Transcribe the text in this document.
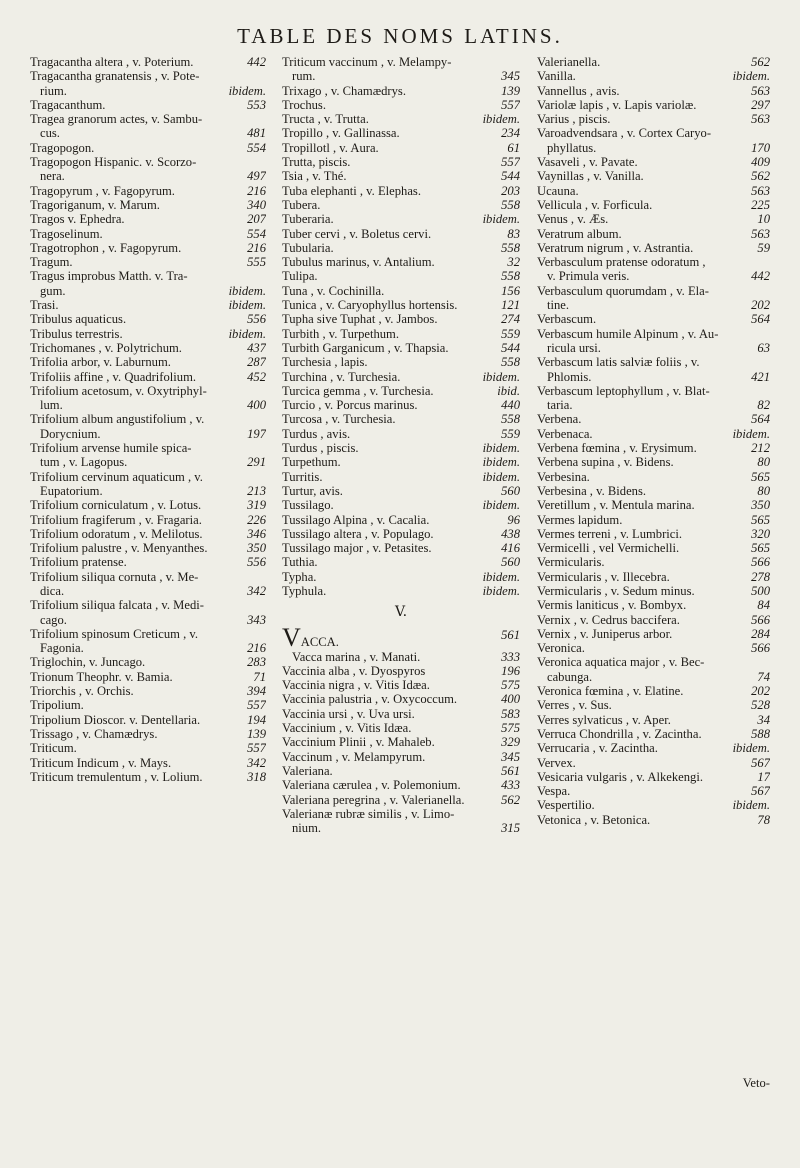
TABLE DES NOMS LATINS.
442
Tragacantha altera , v. Poterium.
Tragacantha granatensis , v. Pote-
ibidem.
rium.
553
Tragacanthum.
Tragea granorum actes, v. Sambu-
481
cus.
554
Tragopogon.
Tragopogon Hispanic. v. Scorzo-
497
nera.
216
Tragopyrum , v. Fagopyrum.
340
Tragoriganum, v. Marum.
207
Tragos v. Ephedra.
554
Tragoselinum.
216
Tragotrophon , v. Fagopyrum.
555
Tragum.
Tragus improbus Matth. v. Tra-
ibidem.
gum.
ibidem.
Trasi.
556
Tribulus aquaticus.
ibidem.
Tribulus terrestris.
437
Trichomanes , v. Polytrichum.
287
Trifolia arbor, v. Laburnum.
452
Trifoliis affine , v. Quadrifolium.
Trifolium acetosum, v. Oxytriphyl-
400
lum.
Trifolium album angustifolium , v.
197
Dorycnium.
Trifolium arvense humile spica-
291
tum , v. Lagopus.
Trifolium cervinum aquaticum , v.
213
Eupatorium.
319
Trifolium corniculatum , v. Lotus.
226
Trifolium fragiferum , v. Fragaria.
346
Trifolium odoratum , v. Melilotus.
350
Trifolium palustre , v. Menyanthes.
556
Trifolium pratense.
Trifolium siliqua cornuta , v. Me-
342
dica.
Trifolium siliqua falcata , v. Medi-
343
cago.
Trifolium spinosum Creticum , v.
216
Fagonia.
283
Triglochin, v. Juncago.
71
Trionum Theophr. v. Bamia.
394
Triorchis , v. Orchis.
557
Tripolium.
194
Tripolium Dioscor. v. Dentellaria.
139
Trissago , v. Chamædrys.
557
Triticum.
342
Triticum Indicum , v. Mays.
318
Triticum tremulentum , v. Lolium.
Triticum vaccinum , v. Melampy-
345
rum.
139
Trixago , v. Chamædrys.
557
Trochus.
ibidem.
Tructa , v. Trutta.
234
Tropillo , v. Gallinassa.
61
Tropillotl , v. Aura.
557
Trutta, piscis.
544
Tsia , v. Thé.
203
Tuba elephanti , v. Elephas.
558
Tubera.
ibidem.
Tuberaria.
83
Tuber cervi , v. Boletus cervi.
558
Tubularia.
32
Tubulus marinus, v. Antalium.
558
Tulipa.
156
Tuna , v. Cochinilla.
121
Tunica , v. Caryophyllus hortensis.
274
Tupha sive Tuphat , v. Jambos.
559
Turbith , v. Turpethum.
544
Turbith Garganicum , v. Thapsia.
558
Turchesia , lapis.
ibidem.
Turchina , v. Turchesia.
ibid.
Turcica gemma , v. Turchesia.
440
Turcio , v. Porcus marinus.
558
Turcosa , v. Turchesia.
559
Turdus , avis.
ibidem.
Turdus , piscis.
ibidem.
Turpethum.
ibidem.
Turritis.
560
Turtur, avis.
ibidem.
Tussilago.
96
Tussilago Alpina , v. Cacalia.
438
Tussilago altera , v. Populago.
416
Tussilago major , v. Petasites.
560
Tuthia.
ibidem.
Typha.
ibidem.
Typhula.
V.
V	561
ACCA.
333
Vacca marina , v. Manati.
196
Vaccinia alba , v. Dyospyros
575
Vaccinia nigra , v. Vitis Idæa.
400
Vaccinia palustria , v. Oxycoccum.
583
Vaccinia ursi , v. Uva ursi.
575
Vaccinium , v. Vitis Idæa.
329
Vaccinium Plinii , v. Mahaleb.
345
Vaccinum , v. Melampyrum.
561
Valeriana.
433
Valeriana cærulea , v. Polemonium.
562
Valeriana peregrina , v. Valerianella.
Valerianæ rubræ similis , v. Limo-
315
nium.
562
Valerianella.
ibidem.
Vanilla.
563
Vannellus , avis.
297
Variolæ lapis , v. Lapis variolæ.
563
Varius , piscis.
Varoadvendsara , v. Cortex Caryo-
170
phyllatus.
409
Vasaveli , v. Pavate.
562
Vaynillas , v. Vanilla.
563
Ucauna.
225
Vellicula , v. Forficula.
10
Venus , v. Æs.
563
Veratrum album.
59
Veratrum nigrum , v. Astrantia.
Verbasculum pratense odoratum ,
442
v. Primula veris.
Verbasculum quorumdam , v. Ela-
202
tine.
564
Verbascum.
Verbascum humile Alpinum , v. Au-
63
ricula ursi.
Verbascum latis salviæ foliis , v.
421
Phlomis.
Verbascum leptophyllum , v. Blat-
82
taria.
564
Verbena.
ibidem.
Verbenaca.
212
Verbena fœmina , v. Erysimum.
80
Verbena supina , v. Bidens.
565
Verbesina.
80
Verbesina , v. Bidens.
350
Veretillum , v. Mentula marina.
565
Vermes lapidum.
320
Vermes terreni , v. Lumbrici.
565
Vermicelli , vel Vermichelli.
566
Vermicularis.
278
Vermicularis , v. Illecebra.
500
Vermicularis , v. Sedum minus.
84
Vermis laniticus , v. Bombyx.
566
Vernix , v. Cedrus baccifera.
284
Vernix , v. Juniperus arbor.
566
Veronica.
Veronica aquatica major , v. Bec-
74
cabunga.
202
Veronica fœmina , v. Elatine.
528
Verres , v. Sus.
34
Verres sylvaticus , v. Aper.
588
Verruca Chondrilla , v. Zacintha.
ibidem.
Verrucaria , v. Zacintha.
567
Vervex.
17
Vesicaria vulgaris , v. Alkekengi.
567
Vespa.
ibidem.
Vespertilio.
78
Vetonica , v. Betonica.
Veto-
